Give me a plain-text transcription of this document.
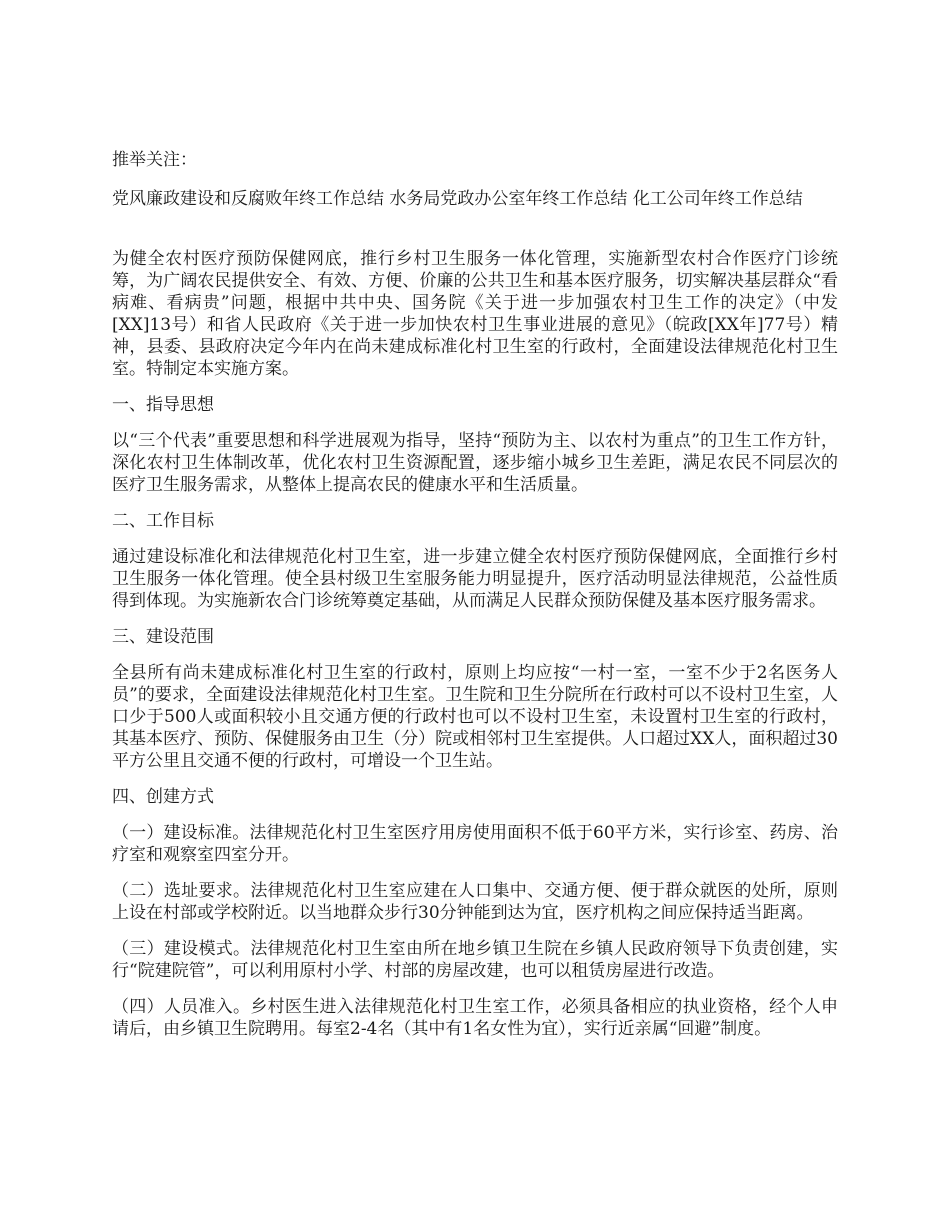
推举关注：
党风廉政建设和反腐败年终工作总结 水务局党政办公室年终工作总结 化工公司年终工作总结

为健全农村医疗预防保健网底，推行乡村卫生服务一体化管理，实施新型农村合作医疗门诊统筹，为广阔农民提供安全、有效、方便、价廉的公共卫生和基本医疗服务，切实解决基层群众“看病难、看病贵”问题，根据中共中央、国务院《关于进一步加强农村卫生工作的决定》（中发[XX]13号）和省人民政府《关于进一步加快农村卫生事业进展的意见》（皖政[XX年]77号）精神，县委、县政府决定今年内在尚未建成标准化村卫生室的行政村，全面建设法律规范化村卫生室。特制定本实施方案。

一、指导思想

以“三个代表”重要思想和科学进展观为指导，坚持“预防为主、以农村为重点”的卫生工作方针，深化农村卫生体制改革，优化农村卫生资源配置，逐步缩小城乡卫生差距，满足农民不同层次的医疗卫生服务需求，从整体上提高农民的健康水平和生活质量。

二、工作目标

通过建设标准化和法律规范化村卫生室，进一步建立健全农村医疗预防保健网底，全面推行乡村卫生服务一体化管理。使全县村级卫生室服务能力明显提升，医疗活动明显法律规范，公益性质得到体现。为实施新农合门诊统筹奠定基础，从而满足人民群众预防保健及基本医疗服务需求。

三、建设范围

全县所有尚未建成标准化村卫生室的行政村，原则上均应按“一村一室，一室不少于2名医务人员”的要求，全面建设法律规范化村卫生室。卫生院和卫生分院所在行政村可以不设村卫生室，人口少于500人或面积较小且交通方便的行政村也可以不设村卫生室，未设置村卫生室的行政村，其基本医疗、预防、保健服务由卫生（分）院或相邻村卫生室提供。人口超过XX人，面积超过30平方公里且交通不便的行政村，可增设一个卫生站。

四、创建方式

（一）建设标准。法律规范化村卫生室医疗用房使用面积不低于60平方米，实行诊室、药房、治疗室和观察室四室分开。

（二）选址要求。法律规范化村卫生室应建在人口集中、交通方便、便于群众就医的处所，原则上设在村部或学校附近。以当地群众步行30分钟能到达为宜，医疗机构之间应保持适当距离。

（三）建设模式。法律规范化村卫生室由所在地乡镇卫生院在乡镇人民政府领导下负责创建，实行“院建院管”，可以利用原村小学、村部的房屋改建，也可以租赁房屋进行改造。

（四）人员准入。乡村医生进入法律规范化村卫生室工作，必须具备相应的执业资格，经个人申请后，由乡镇卫生院聘用。每室2-4名（其中有1名女性为宜），实行近亲属“回避”制度。
